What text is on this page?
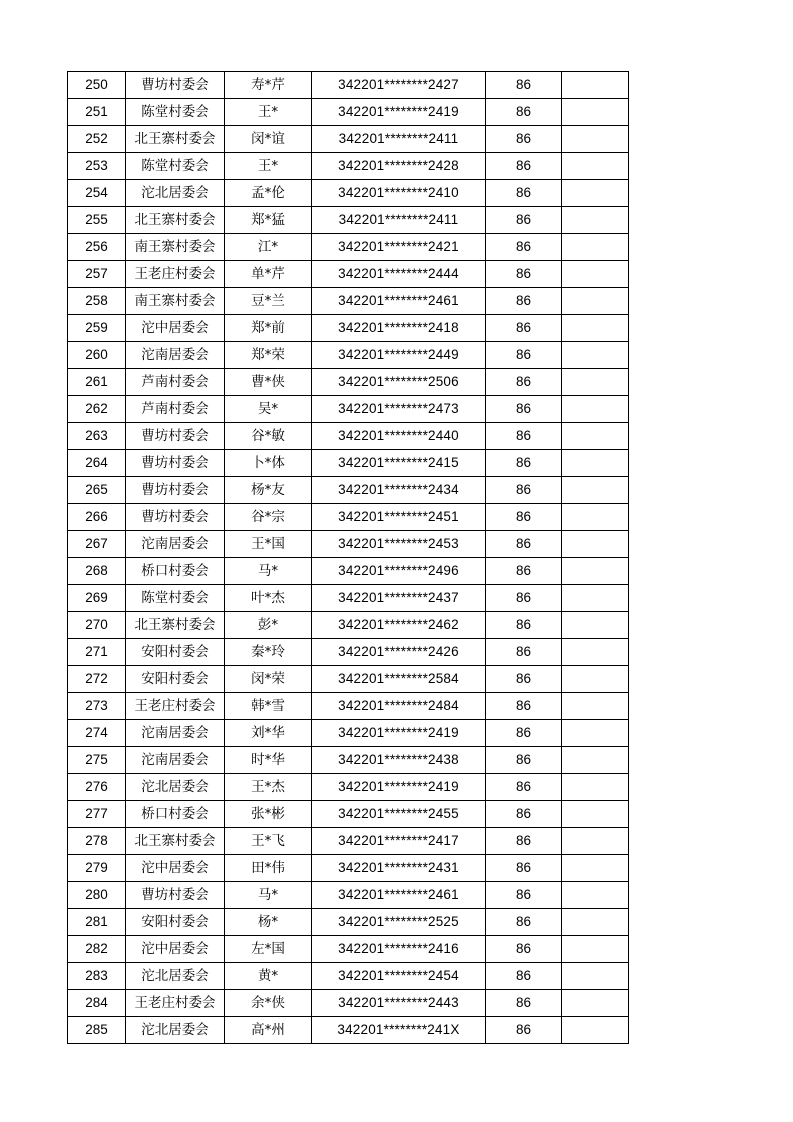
250	曹坊村委会	寿*芹	342201********2427	86	
251	陈堂村委会	王*	342201********2419	86	
252	北王寨村委会	闵*谊	342201********2411	86	
253	陈堂村委会	王*	342201********2428	86	
254	沱北居委会	孟*伦	342201********2410	86	
255	北王寨村委会	郑*猛	342201********2411	86	
256	南王寨村委会	江*	342201********2421	86	
257	王老庄村委会	单*芹	342201********2444	86	
258	南王寨村委会	豆*兰	342201********2461	86	
259	沱中居委会	郑*前	342201********2418	86	
260	沱南居委会	郑*荣	342201********2449	86	
261	芦南村委会	曹*侠	342201********2506	86	
262	芦南村委会	吴*	342201********2473	86	
263	曹坊村委会	谷*敏	342201********2440	86	
264	曹坊村委会	卜*体	342201********2415	86	
265	曹坊村委会	杨*友	342201********2434	86	
266	曹坊村委会	谷*宗	342201********2451	86	
267	沱南居委会	王*国	342201********2453	86	
268	桥口村委会	马*	342201********2496	86	
269	陈堂村委会	叶*杰	342201********2437	86	
270	北王寨村委会	彭*	342201********2462	86	
271	安阳村委会	秦*玲	342201********2426	86	
272	安阳村委会	闵*荣	342201********2584	86	
273	王老庄村委会	韩*雪	342201********2484	86	
274	沱南居委会	刘*华	342201********2419	86	
275	沱南居委会	时*华	342201********2438	86	
276	沱北居委会	王*杰	342201********2419	86	
277	桥口村委会	张*彬	342201********2455	86	
278	北王寨村委会	王*飞	342201********2417	86	
279	沱中居委会	田*伟	342201********2431	86	
280	曹坊村委会	马*	342201********2461	86	
281	安阳村委会	杨*	342201********2525	86	
282	沱中居委会	左*国	342201********2416	86	
283	沱北居委会	黄*	342201********2454	86	
284	王老庄村委会	余*侠	342201********2443	86	
285	沱北居委会	高*州	342201********241X	86	
